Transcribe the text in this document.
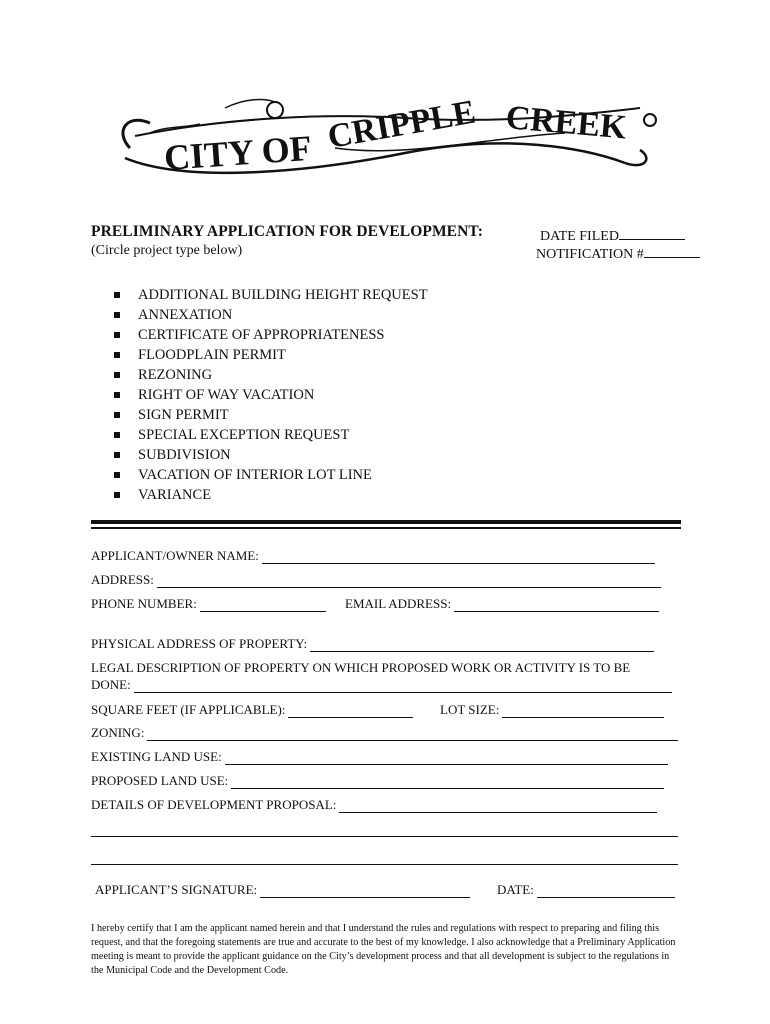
CITY OF CRIPPLE CREEK
PRELIMINARY APPLICATION FOR DEVELOPMENT:
(Circle project type below)
DATE FILED
NOTIFICATION #
ADDITIONAL BUILDING HEIGHT REQUEST
ANNEXATION
CERTIFICATE OF APPROPRIATENESS
FLOODPLAIN PERMIT
REZONING
RIGHT OF WAY VACATION
SIGN PERMIT
SPECIAL EXCEPTION REQUEST
SUBDIVISION
VACATION OF INTERIOR LOT LINE
VARIANCE
APPLICANT/OWNER NAME:
ADDRESS:
PHONE NUMBER:	EMAIL ADDRESS:
PHYSICAL ADDRESS OF PROPERTY:
LEGAL DESCRIPTION OF PROPERTY ON WHICH PROPOSED WORK OR ACTIVITY IS TO BE
DONE:
SQUARE FEET (IF APPLICABLE):	LOT SIZE:
ZONING:
EXISTING LAND USE:
PROPOSED LAND USE:
DETAILS OF DEVELOPMENT PROPOSAL:
APPLICANT’S SIGNATURE:	DATE:
I hereby certify that I am the applicant named herein and that I understand the rules and regulations with respect to preparing and filing this request, and that the foregoing statements are true and accurate to the best of my knowledge. I also acknowledge that a Preliminary Application meeting is meant to provide the applicant guidance on the City’s development process and that all development is subject to the regulations in the Municipal Code and the Development Code.
